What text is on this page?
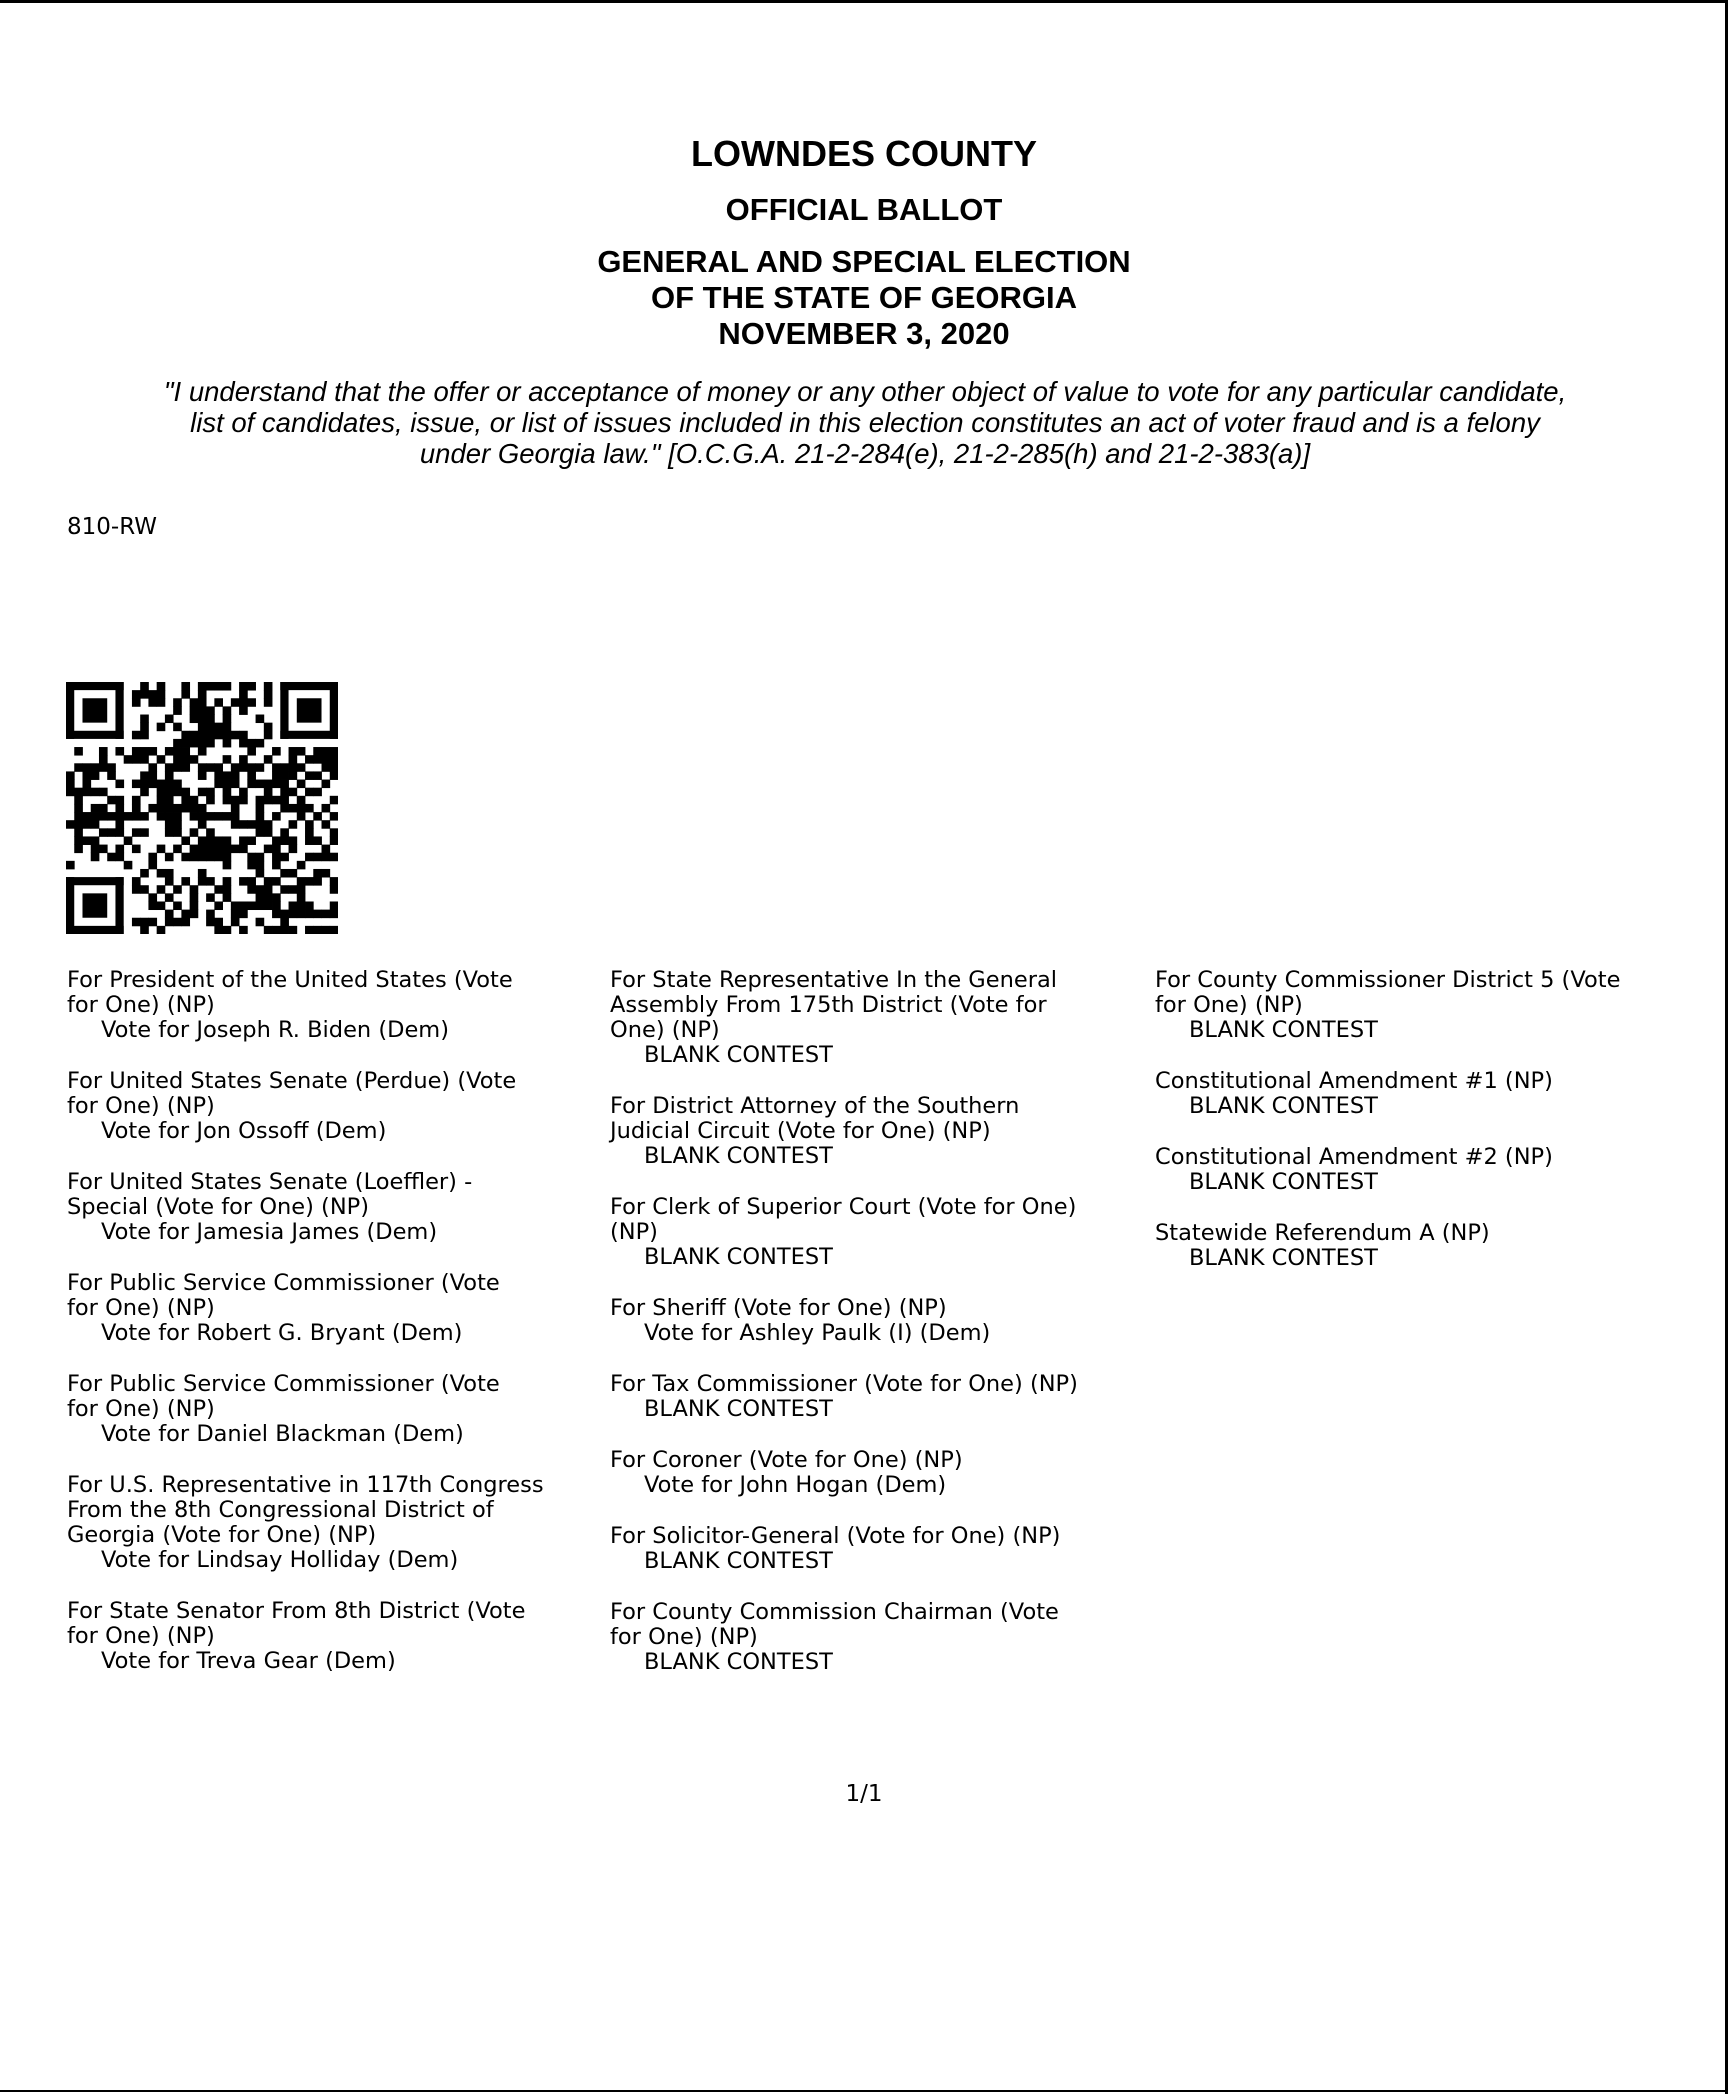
LOWNDES COUNTY
OFFICIAL BALLOT
GENERAL AND SPECIAL ELECTION
OF THE STATE OF GEORGIA
NOVEMBER 3, 2020
"I understand that the offer or acceptance of money or any other object of value to vote for any particular candidate,
list of candidates, issue, or list of issues included in this election constitutes an act of voter fraud and is a felony
under Georgia law." [O.C.G.A. 21-2-284(e), 21-2-285(h) and 21-2-383(a)]
810-RW
For President of the United States (Vote
for One) (NP)
Vote for Joseph R. Biden (Dem)
For United States Senate (Perdue) (Vote
for One) (NP)
Vote for Jon Ossoff (Dem)
For United States Senate (Loeffler) -
Special (Vote for One) (NP)
Vote for Jamesia James (Dem)
For Public Service Commissioner (Vote
for One) (NP)
Vote for Robert G. Bryant (Dem)
For Public Service Commissioner (Vote
for One) (NP)
Vote for Daniel Blackman (Dem)
For U.S. Representative in 117th Congress
From the 8th Congressional District of
Georgia (Vote for One) (NP)
Vote for Lindsay Holliday (Dem)
For State Senator From 8th District (Vote
for One) (NP)
Vote for Treva Gear (Dem)
For State Representative In the General
Assembly From 175th District (Vote for
One) (NP)
BLANK CONTEST
For District Attorney of the Southern
Judicial Circuit (Vote for One) (NP)
BLANK CONTEST
For Clerk of Superior Court (Vote for One)
(NP)
BLANK CONTEST
For Sheriff (Vote for One) (NP)
Vote for Ashley Paulk (I) (Dem)
For Tax Commissioner (Vote for One) (NP)
BLANK CONTEST
For Coroner (Vote for One) (NP)
Vote for John Hogan (Dem)
For Solicitor-General (Vote for One) (NP)
BLANK CONTEST
For County Commission Chairman (Vote
for One) (NP)
BLANK CONTEST
For County Commissioner District 5 (Vote
for One) (NP)
BLANK CONTEST
Constitutional Amendment #1 (NP)
BLANK CONTEST
Constitutional Amendment #2 (NP)
BLANK CONTEST
Statewide Referendum A (NP)
BLANK CONTEST
1/1
